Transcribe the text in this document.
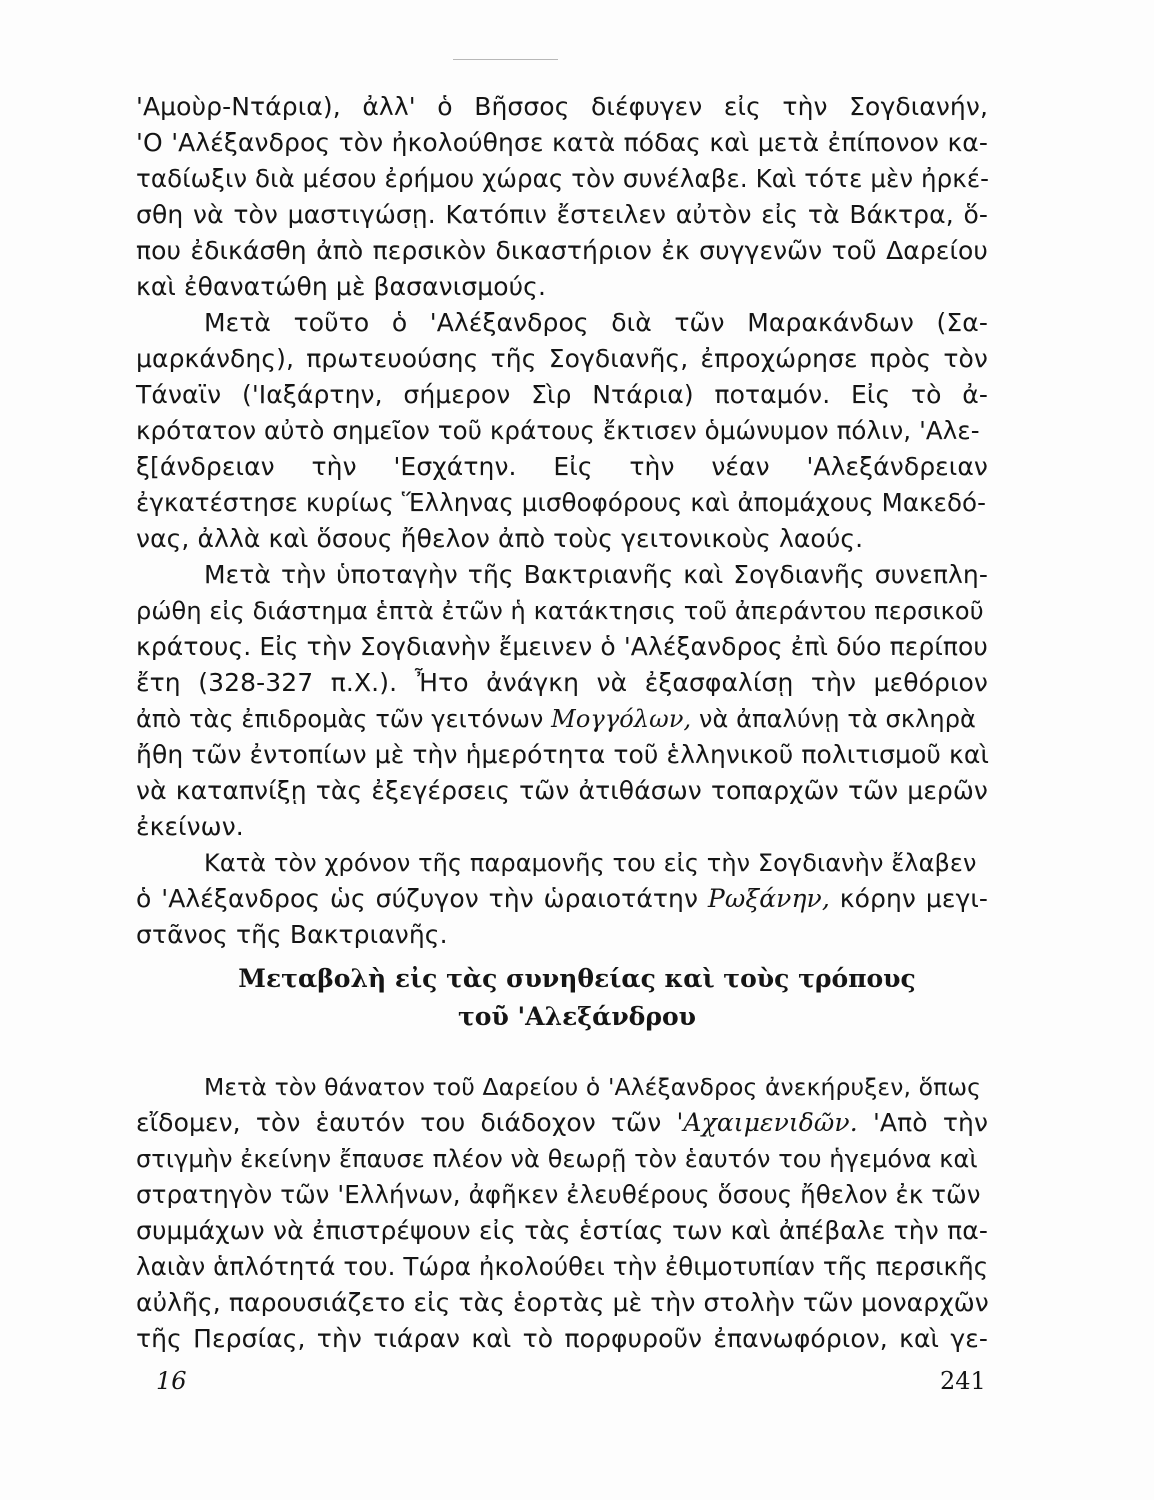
'Αμοὺρ-Ντάρια), ἀλλ' ὁ Βῆσσος διέφυγεν εἰς τὴν Σογδιανήν,
'Ο 'Αλέξανδρος τὸν ἠκολούθησε κατὰ πόδας καὶ μετὰ ἐπίπονον κα-
ταδίωξιν διὰ μέσου ἐρήμου χώρας τὸν συνέλαβε. Καὶ τότε μὲν ἠρκέ-
σθη νὰ τὸν μαστιγώσῃ. Κατόπιν ἔστειλεν αὐτὸν εἰς τὰ Βάκτρα, ὅ-
που ἐδικάσθη ἀπὸ περσικὸν δικαστήριον ἐκ συγγενῶν τοῦ Δαρείου
καὶ ἐθανατώθη μὲ βασανισμούς.
Μετὰ τοῦτο ὁ 'Αλέξανδρος διὰ τῶν Μαρακάνδων (Σα-
μαρκάνδης), πρωτευούσης τῆς Σογδιανῆς, ἐπροχώρησε πρὸς τὸν
Τάναϊν ('Ιαξάρτην, σήμερον Σὶρ Ντάρια) ποταμόν. Εἰς τὸ ἀ-
κρότατον αὐτὸ σημεῖον τοῦ κράτους ἔκτισεν ὁμώνυμον πόλιν, 'Αλε-
ξ[άνδρειαν τὴν 'Εσχάτην. Εἰς τὴν νέαν 'Αλεξάνδρειαν
ἐγκατέστησε κυρίως Ἕλληνας μισθοφόρους καὶ ἀπομάχους Μακεδό-
νας, ἀλλὰ καὶ ὅσους ἤθελον ἀπὸ τοὺς γειτονικοὺς λαούς.
Μετὰ τὴν ὑποταγὴν τῆς Βακτριανῆς καὶ Σογδιανῆς συνεπλη-
ρώθη εἰς διάστημα ἑπτὰ ἐτῶν ἡ κατάκτησις τοῦ ἀπεράντου περσικοῦ
κράτους. Εἰς τὴν Σογδιανὴν ἔμεινεν ὁ 'Αλέξανδρος ἐπὶ δύο περίπου
ἔτη (328-327 π.Χ.). Ἦτο ἀνάγκη νὰ ἐξασφαλίσῃ τὴν μεθόριον
ἀπὸ τὰς ἐπιδρομὰς τῶν γειτόνων Μογγόλων, νὰ ἀπαλύνῃ τὰ σκληρὰ
ἤθη τῶν ἐντοπίων μὲ τὴν ἡμερότητα τοῦ ἑλληνικοῦ πολιτισμοῦ καὶ
νὰ καταπνίξῃ τὰς ἐξεγέρσεις τῶν ἀτιθάσων τοπαρχῶν τῶν μερῶν
ἐκείνων.
Κατὰ τὸν χρόνον τῆς παραμονῆς του εἰς τὴν Σογδιανὴν ἔλαβεν
ὁ 'Αλέξανδρος ὡς σύζυγον τὴν ὡραιοτάτην Ρωξάνην, κόρην μεγι-
στᾶνος τῆς Βακτριανῆς.
Μεταβολὴ εἰς τὰς συνηθείας καὶ τοὺς τρόπους
τοῦ 'Αλεξάνδρου
Μετὰ τὸν θάνατον τοῦ Δαρείου ὁ 'Αλέξανδρος ἀνεκήρυξεν, ὅπως
εἴδομεν, τὸν ἑαυτόν του διάδοχον τῶν 'Αχαιμενιδῶν. 'Απὸ τὴν
στιγμὴν ἐκείνην ἔπαυσε πλέον νὰ θεωρῇ τὸν ἑαυτόν του ἡγεμόνα καὶ
στρατηγὸν τῶν 'Ελλήνων, ἀφῆκεν ἐλευθέρους ὅσους ἤθελον ἐκ τῶν
συμμάχων νὰ ἐπιστρέψουν εἰς τὰς ἑστίας των καὶ ἀπέβαλε τὴν πα-
λαιὰν ἁπλότητά του. Τώρα ἠκολούθει τὴν ἐθιμοτυπίαν τῆς περσικῆς
αὐλῆς, παρουσιάζετο εἰς τὰς ἑορτὰς μὲ τὴν στολὴν τῶν μοναρχῶν
τῆς Περσίας, τὴν τιάραν καὶ τὸ πορφυροῦν ἐπανωφόριον, καὶ γε-
16	241
